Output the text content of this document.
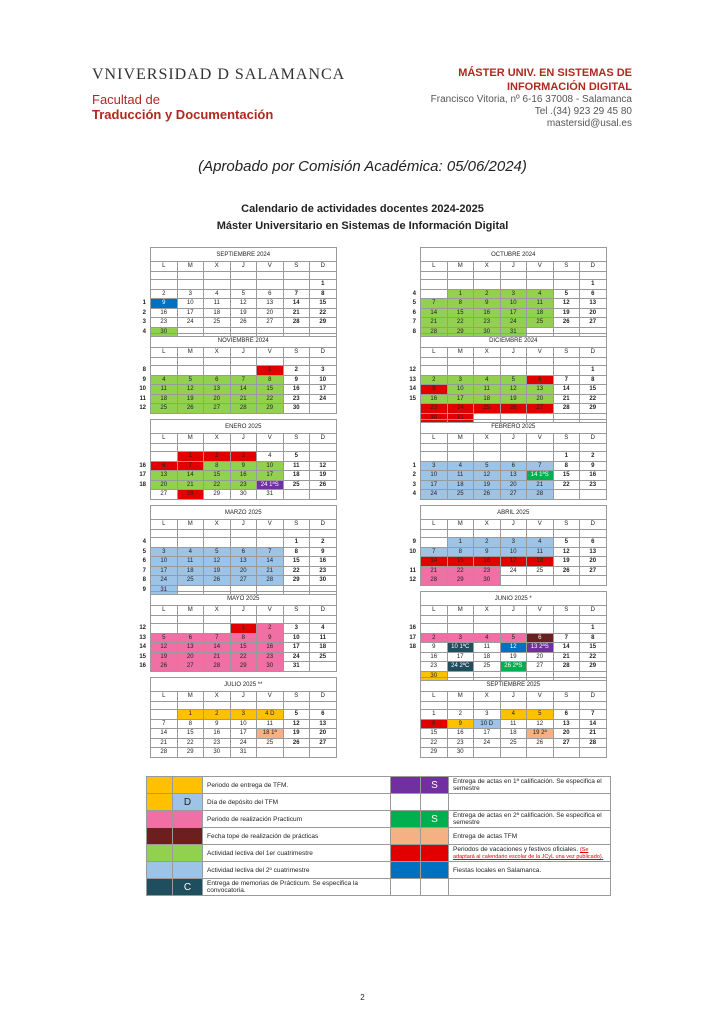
VNIVERSIDAD D SALAMANCA
Facultad de
Traducción y Documentación
MÁSTER UNIV. EN SISTEMAS DE
INFORMACIÓN DIGITAL
Francisco Vitoria, nº 6-16 37008 - Salamanca
Tel .(34) 923 29 45 80
mastersid@usal.es
(Aprobado por Comisión Académica: 05/06/2024)
Calendario de actividades docentes 2024-2025
Máster Universitario en Sistemas de Información Digital
	SEPTIEMBRE 2024						
	L	M	X	J	V	S	D

							1
	2	3	4	5	6	7	8
1	9	10	11	12	13	14	15
2	16	17	18	19	20	21	22
3	23	24	25	26	27	28	29
4	30						
	OCTUBRE 2024						
	L	M	X	J	V	S	D

							1
4		1	2	3	4	5	6
5	7	8	9	10	11	12	13
6	14	15	16	17	18	19	20
7	21	22	23	24	25	26	27
8	28	29	30	31			
	NOVIEMBRE 2024						
	L	M	X	J	V	S	D

8					1	2	3
9	4	5	6	7	8	9	10
10	11	12	13	14	15	16	17
11	18	19	20	21	22	23	24
12	25	26	27	28	29	30	
	DICIEMBRE 2024						
	L	M	X	J	V	S	D

12							1
13	2	3	4	5	6	7	8
14	9	10	11	12	13	14	15
15	16	17	18	19	20	21	22
	23	24	25	26	27	28	29
	30	31					
	ENERO 2025						
	L	M	X	J	V	S	D

		1	2	3	4	5	
16	6	7	8	9	10	11	12
17	13	14	15	16	17	18	19
18	20	21	22	23	24 1ªS	25	26
	27	28	29	30	31		
	FEBRERO 2025						
	L	M	X	J	V	S	D

						1	2
1	3	4	5	6	7	8	9
2	10	11	12	13	14 1ªS	15	16
3	17	18	19	20	21	22	23
4	24	25	26	27	28		
	MARZO 2025						
	L	M	X	J	V	S	D

4						1	2
5	3	4	5	6	7	8	9
6	10	11	12	13	14	15	16
7	17	18	19	20	21	22	23
8	24	25	26	27	28	29	30
9	31						
	ABRIL 2025						
	L	M	X	J	V	S	D

9		1	2	3	4	5	6
10	7	8	9	10	11	12	13
	14	15	16	17	18	19	20
11	21	22	23	24	25	26	27
12	28	29	30				
	MAYO 2025						
	L	M	X	J	V	S	D

12				1	2	3	4
13	5	6	7	8	9	10	11
14	12	13	14	15	16	17	18
15	19	20	21	22	23	24	25
16	26	27	28	29	30	31	
	JUNIO 2025 *						
	L	M	X	J	V	S	D

16							1
17	2	3	4	5	6	7	8
18	9	10 1ªC	11	12	13 2ªS	14	15
	16	17	18	19	20	21	22
	23	24 2ªC	25	26 2ªS	27	28	29
	30						
	JULIO 2025 **						
	L	M	X	J	V	S	D

		1	2	3	4 D	5	6
	7	8	9	10	11	12	13
	14	15	16	17	18 1ª	19	20
	21	22	23	24	25	26	27
	28	29	30	31			
	SEPTIEMBRE 2025						
	L	M	X	J	V	S	D

	1	2	3	4	5	6	7
	8	9	10 D	11	12	13	14
	15	16	17	18	19 2ª	20	21
	22	23	24	25	26	27	28
	29	30					
		Periodo de entrega de TFM.		S	Entrega de actas en 1ª calificación. Se especifica el semestre
	D	Día de depósito del TFM			
		Periodo de realización Practicum		S	Entrega de actas en 2ª calificación. Se especifica el semestre
		Fecha tope de realización de prácticas			Entrega de actas TFM
		Actividad lectiva del 1er cuatrimestre			Periodos de vacaciones y festivos oficiales. (Se adaptará al calendario escolar de la JCyL una vez publicado).
		Actividad lectiva del 2º cuatrimestre			Fiestas locales en Salamanca.
	C	Entrega de memorias de Prácticum. Se especifica la convocatoria.			
2
